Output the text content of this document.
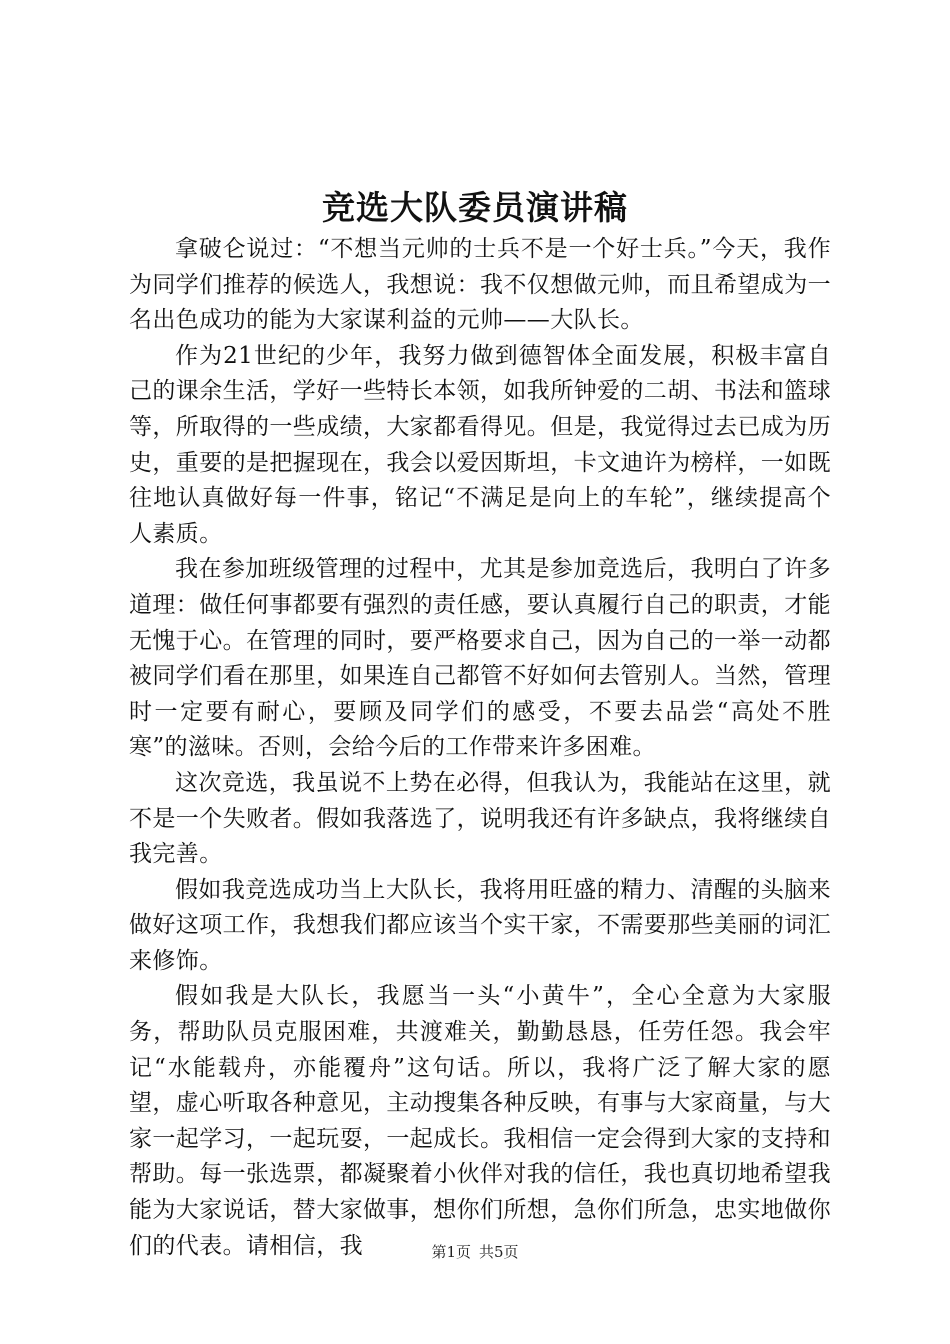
竞选大队委员演讲稿

拿破仑说过：“不想当元帅的士兵不是一个好士兵。”今天，我作为同学们推荐的候选人，我想说：我不仅想做元帅，而且希望成为一名出色成功的能为大家谋利益的元帅——大队长。

作为21世纪的少年，我努力做到德智体全面发展，积极丰富自己的课余生活，学好一些特长本领，如我所钟爱的二胡、书法和篮球等，所取得的一些成绩，大家都看得见。但是，我觉得过去已成为历史，重要的是把握现在，我会以爱因斯坦，卡文迪许为榜样，一如既往地认真做好每一件事，铭记“不满足是向上的车轮”，继续提高个人素质。

我在参加班级管理的过程中，尤其是参加竞选后，我明白了许多道理：做任何事都要有强烈的责任感，要认真履行自己的职责，才能无愧于心。在管理的同时，要严格要求自己，因为自己的一举一动都被同学们看在那里，如果连自己都管不好如何去管别人。当然，管理时一定要有耐心，要顾及同学们的感受，不要去品尝“高处不胜寒”的滋味。否则，会给今后的工作带来许多困难。

这次竞选，我虽说不上势在必得，但我认为，我能站在这里，就不是一个失败者。假如我落选了，说明我还有许多缺点，我将继续自我完善。

假如我竞选成功当上大队长，我将用旺盛的精力、清醒的头脑来做好这项工作，我想我们都应该当个实干家，不需要那些美丽的词汇来修饰。

假如我是大队长，我愿当一头“小黄牛”，全心全意为大家服务，帮助队员克服困难，共渡难关，勤勤恳恳，任劳任怨。我会牢记“水能载舟，亦能覆舟”这句话。所以，我将广泛了解大家的愿望，虚心听取各种意见，主动搜集各种反映，有事与大家商量，与大家一起学习，一起玩耍，一起成长。我相信一定会得到大家的支持和帮助。每一张选票，都凝聚着小伙伴对我的信任，我也真切地希望我能为大家说话，替大家做事，想你们所想，急你们所急，忠实地做你们的代表。请相信，我	第1页 共5页
